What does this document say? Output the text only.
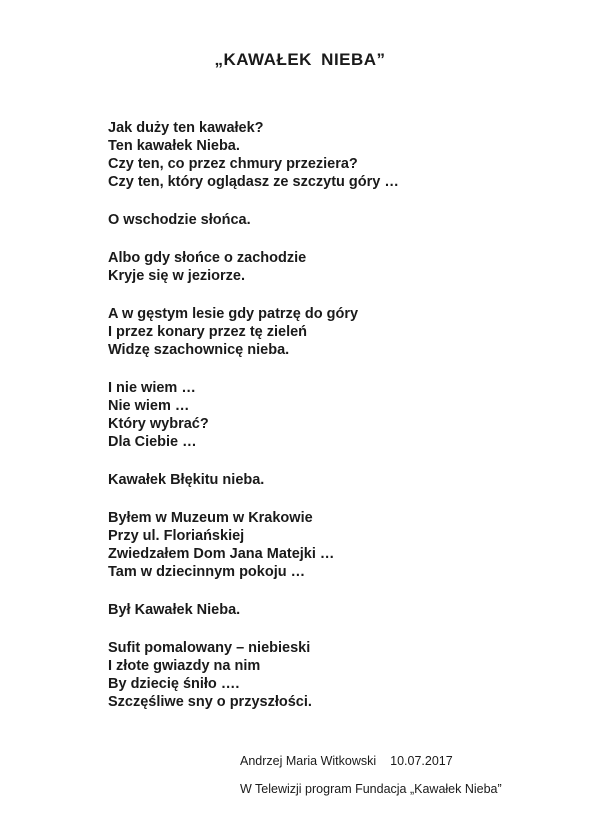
„KAWAŁEK NIEBA”
Jak duży ten kawałek?
Ten kawałek Nieba.
Czy ten, co przez chmury przeziera?
Czy ten, który oglądasz ze szczytu góry …
O wschodzie słońca.
Albo gdy słońce o zachodzie
Kryje się w jeziorze.
A w gęstym lesie gdy patrzę do góry
I przez konary przez tę zieleń
Widzę szachownicę nieba.
I nie wiem …
Nie wiem …
Który wybrać?
Dla Ciebie …
Kawałek Błękitu nieba.
Byłem w Muzeum w Krakowie
Przy ul. Floriańskiej
Zwiedzałem Dom Jana Matejki …
Tam w dziecinnym pokoju …
Był Kawałek Nieba.
Sufit pomalowany – niebieski
I złote gwiazdy na nim
By dziecię śniło ….
Szczęśliwe sny o przyszłości.
Andrzej Maria Witkowski 10.07.2017
W Telewizji program Fundacja „Kawałek Nieba”
